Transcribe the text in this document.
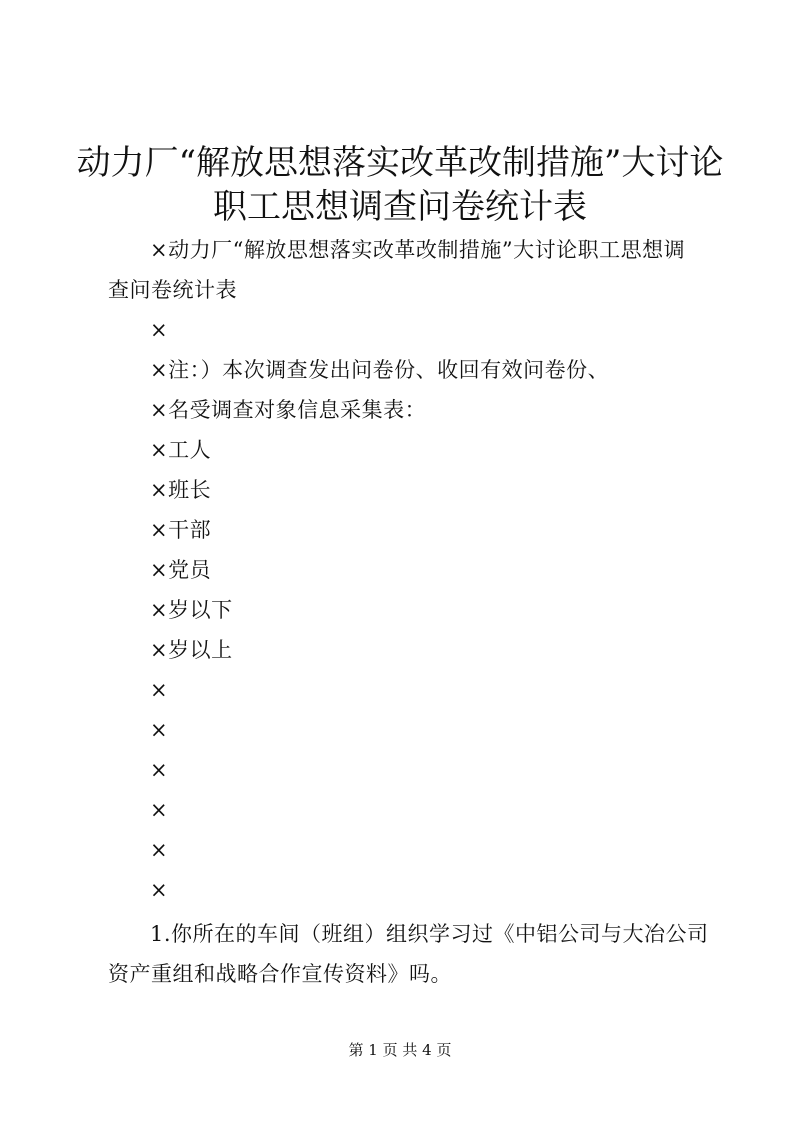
动力厂“解放思想落实改革改制措施”大讨论
职工思想调查问卷统计表

×动力厂“解放思想落实改革改制措施”大讨论职工思想调

查问卷统计表

×

×注：）本次调查发出问卷份、收回有效问卷份、

×名受调查对象信息采集表：

×工人

×班长

×干部

×党员

×岁以下

×岁以上

×

×

×

×

×

×

1.你所在的车间（班组）组织学习过《中铝公司与大冶公司

资产重组和战略合作宣传资料》吗。

第 1 页 共 4 页
